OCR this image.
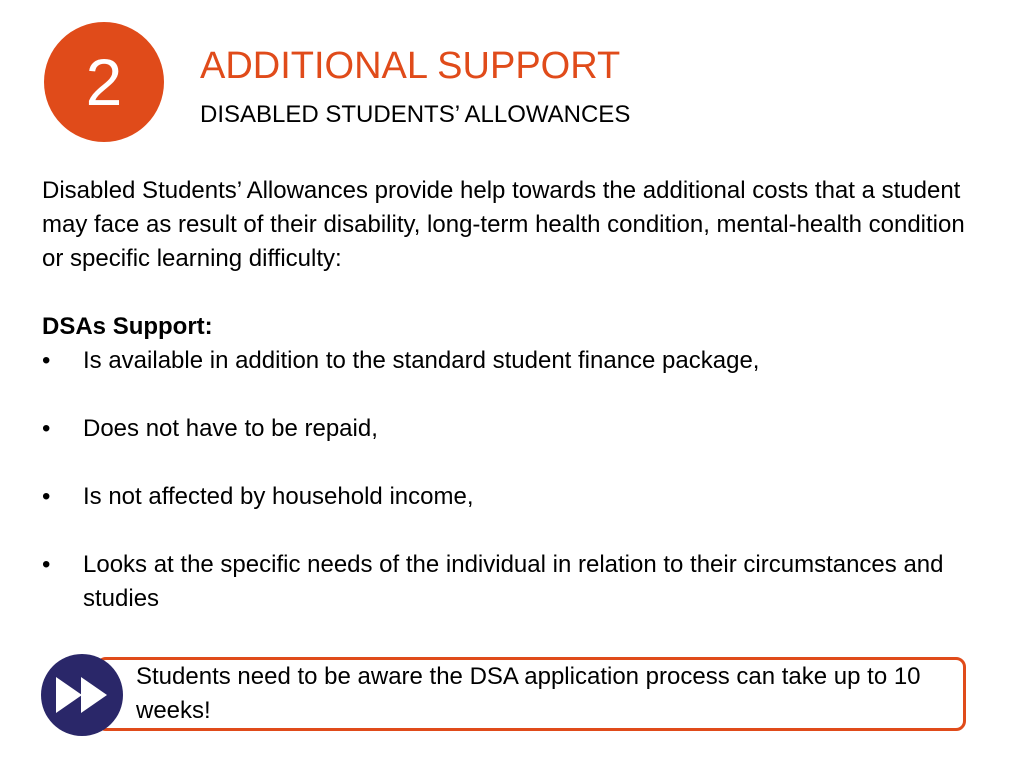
2 ADDITIONAL SUPPORT
DISABLED STUDENTS’ ALLOWANCES

Disabled Students’ Allowances provide help towards the additional costs that a student may face as result of their disability, long-term health condition, mental-health condition or specific learning difficulty:

DSAs Support:

•	Is available in addition to the standard student finance package,
•	Does not have to be repaid,
•	Is not affected by household income,
•	Looks at the specific needs of the individual in relation to their circumstances and studies
Students need to be aware the DSA application process can take up to 10 weeks!
